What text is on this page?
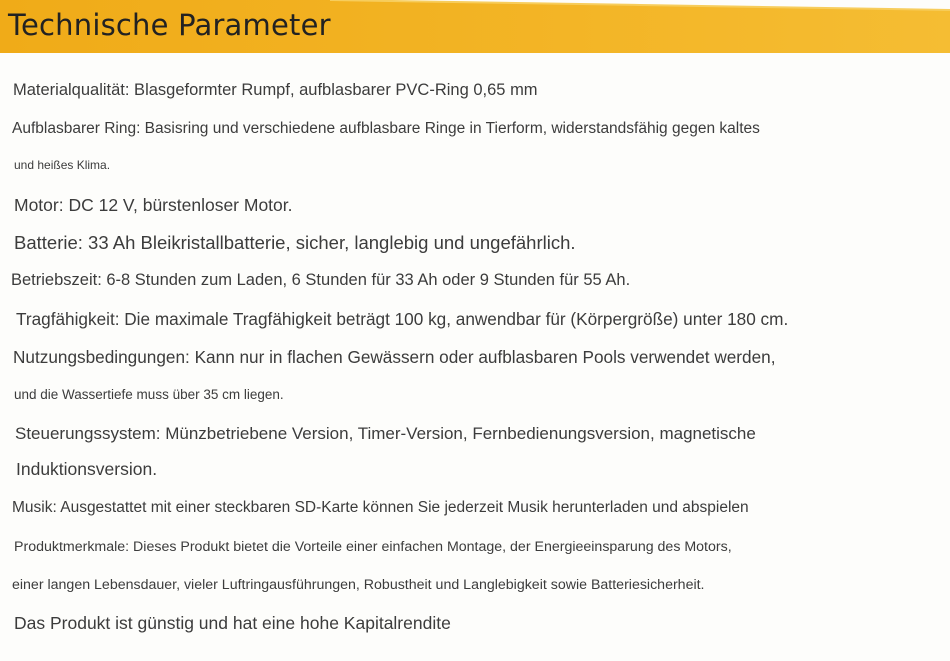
Technische Parameter
Materialqualität: Blasgeformter Rumpf, aufblasbarer PVC-Ring 0,65 mm
Aufblasbarer Ring: Basisring und verschiedene aufblasbare Ringe in Tierform, widerstandsfähig gegen kaltes
und heißes Klima.
Motor: DC 12 V, bürstenloser Motor.
Batterie: 33 Ah Bleikristallbatterie, sicher, langlebig und ungefährlich.
Betriebszeit: 6-8 Stunden zum Laden, 6 Stunden für 33 Ah oder 9 Stunden für 55 Ah.
Tragfähigkeit: Die maximale Tragfähigkeit beträgt 100 kg, anwendbar für (Körpergröße) unter 180 cm.
Nutzungsbedingungen: Kann nur in flachen Gewässern oder aufblasbaren Pools verwendet werden,
und die Wassertiefe muss über 35 cm liegen.
Steuerungssystem: Münzbetriebene Version, Timer-Version, Fernbedienungsversion, magnetische
Induktionsversion.
Musik: Ausgestattet mit einer steckbaren SD-Karte können Sie jederzeit Musik herunterladen und abspielen
Produktmerkmale: Dieses Produkt bietet die Vorteile einer einfachen Montage, der Energieeinsparung des Motors,
einer langen Lebensdauer, vieler Luftringausführungen, Robustheit und Langlebigkeit sowie Batteriesicherheit.
Das Produkt ist günstig und hat eine hohe Kapitalrendite
